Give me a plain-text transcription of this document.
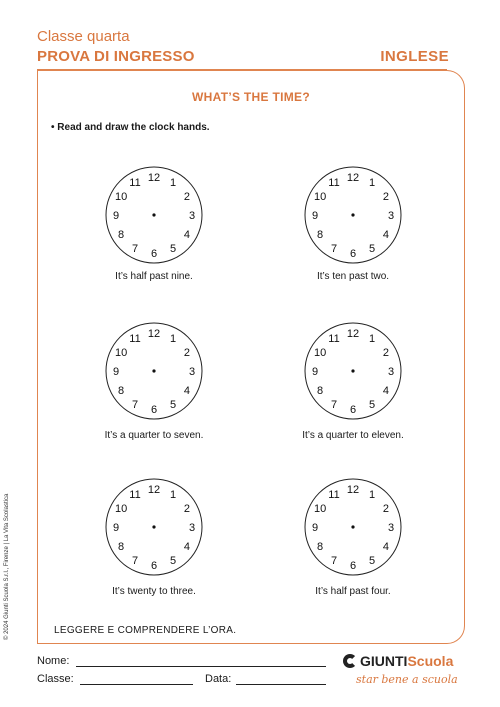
Classe quarta
PROVA DI INGRESSO	INGLESE
WHAT’S THE TIME?
• Read and draw the clock hands.
12 1
2
3
4
5
6
7
8
9
10
11
It’s half past nine.
12 1
2
3
4
5
6
7
8
9
10
11
It’s ten past two.
12 1
2
3
4
5
6
7
8
9
10
11
It’s a quarter to seven.
12 1
2
3
4
5
6
7
8
9
10
11
It’s a quarter to eleven.
12 1
2
3
4
5
6
7
8
9
10
11
It’s twenty to three.
12 1
2
3
4
5
6
7
8
9
10
11
It’s half past four.
LEGGERE E COMPRENDERE L’ORA.
© 2024 Giunti Scuola S.r.l., Firenze | La Vita Scolastica
Nome:
Classe:	Data:
GIUNTIScuola
star bene a scuola
